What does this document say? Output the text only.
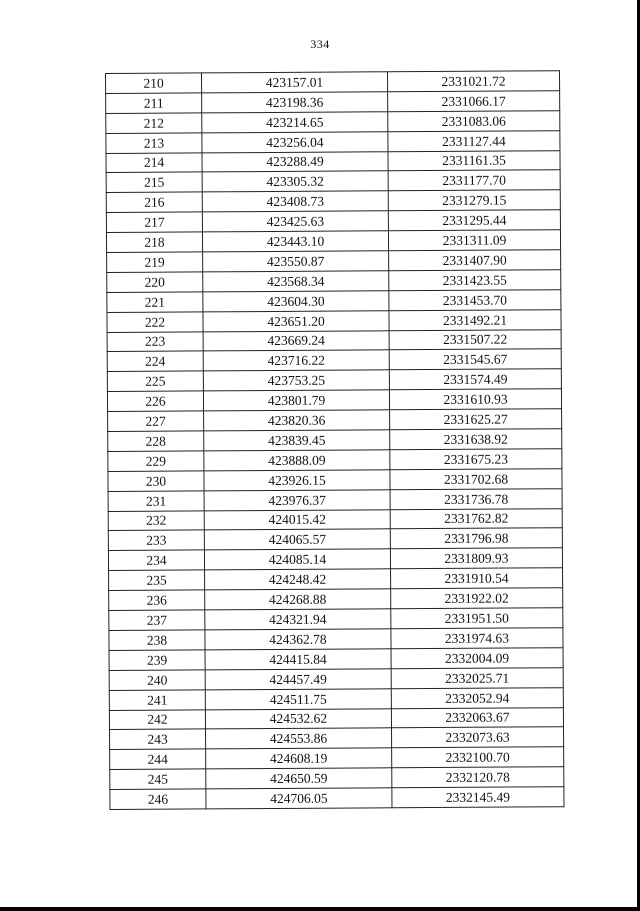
334
210	423157.01	2331021.72
211	423198.36	2331066.17
212	423214.65	2331083.06
213	423256.04	2331127.44
214	423288.49	2331161.35
215	423305.32	2331177.70
216	423408.73	2331279.15
217	423425.63	2331295.44
218	423443.10	2331311.09
219	423550.87	2331407.90
220	423568.34	2331423.55
221	423604.30	2331453.70
222	423651.20	2331492.21
223	423669.24	2331507.22
224	423716.22	2331545.67
225	423753.25	2331574.49
226	423801.79	2331610.93
227	423820.36	2331625.27
228	423839.45	2331638.92
229	423888.09	2331675.23
230	423926.15	2331702.68
231	423976.37	2331736.78
232	424015.42	2331762.82
233	424065.57	2331796.98
234	424085.14	2331809.93
235	424248.42	2331910.54
236	424268.88	2331922.02
237	424321.94	2331951.50
238	424362.78	2331974.63
239	424415.84	2332004.09
240	424457.49	2332025.71
241	424511.75	2332052.94
242	424532.62	2332063.67
243	424553.86	2332073.63
244	424608.19	2332100.70
245	424650.59	2332120.78
246	424706.05	2332145.49
